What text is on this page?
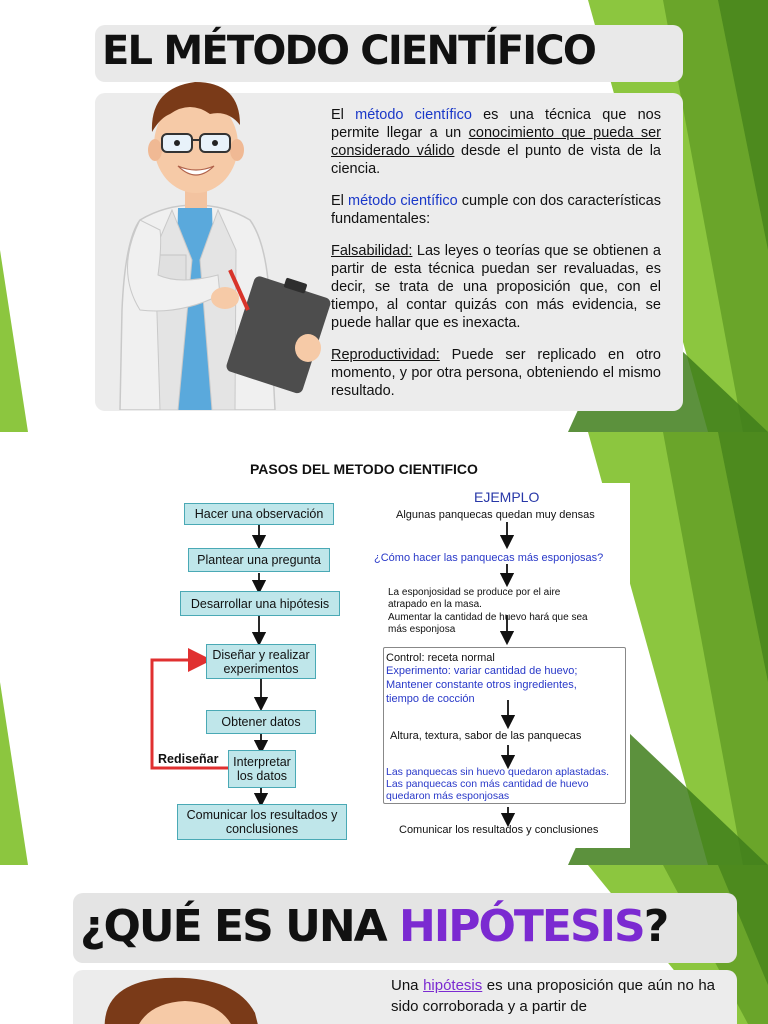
EL MÉTODO CIENTÍFICO

El método científico es una técnica que nos permite llegar a un conocimiento que pueda ser considerado válido desde el punto de vista de la ciencia.

El método científico cumple con dos características fundamentales:

Falsabilidad: Las leyes o teorías que se obtienen a partir de esta técnica puedan ser revaluadas, es decir, se trata de una proposición que, con el tiempo, al contar quizás con más evidencia, se puede hallar que es inexacta.

Reproductividad: Puede ser replicado en otro momento, y por otra persona, obteniendo el mismo resultado.

PASOS DEL METODO CIENTIFICO
Hacer una observación
Plantear una pregunta
Desarrollar una hipótesis
Diseñar y realizar experimentos
Obtener datos
Interpretar los datos
Comunicar los resultados y conclusiones
Rediseñar
EJEMPLO
Algunas panquecas quedan muy densas
¿Cómo hacer las panquecas más esponjosas?
La esponjosidad se produce por el aire
atrapado en la masa.
Aumentar la cantidad de huevo hará que sea
más esponjosa
Control: receta normal
Experimento: variar cantidad de huevo;
Mantener constante otros ingredientes,
tiempo de cocción
Altura, textura, sabor de las panquecas
Las panquecas sin huevo quedaron aplastadas.
Las panquecas con más cantidad de huevo
quedaron más esponjosas
Comunicar los resultados y conclusiones
¿QUÉ ES UNA HIPÓTESIS?
Una hipótesis es una proposición que aún no ha sido corroborada y a partir de
